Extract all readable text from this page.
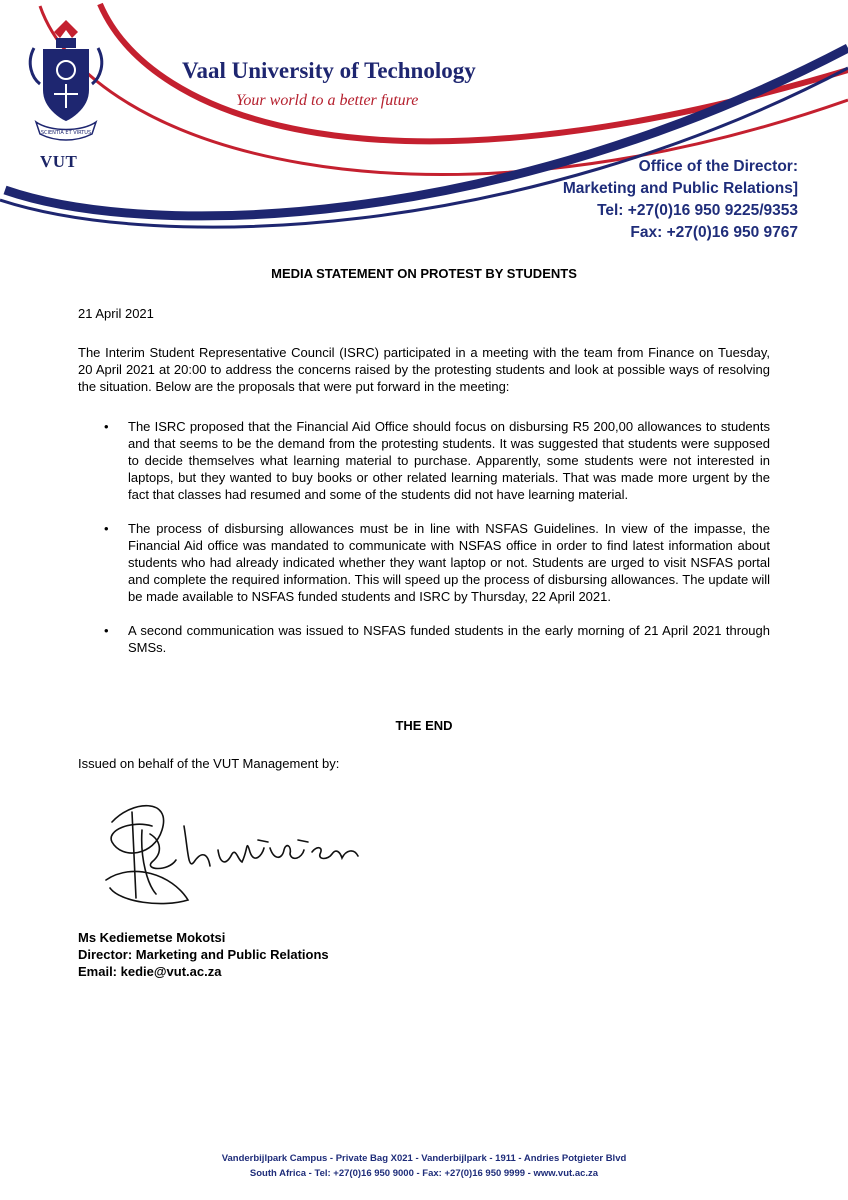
SCIENTIA ET VIRTUS
VUT
Vaal University of Technology
Your world to a better future
Office of the Director:
Marketing and Public Relations]
Tel: +27(0)16 950 9225/9353
Fax: +27(0)16 950 9767
MEDIA STATEMENT ON PROTEST BY STUDENTS
21 April 2021
The Interim Student Representative Council (ISRC) participated in a meeting with the team from Finance on Tuesday, 20 April 2021 at 20:00 to address the concerns raised by the protesting students and look at possible ways of resolving the situation. Below are the proposals that were put forward in the meeting:
• The ISRC proposed that the Financial Aid Office should focus on disbursing R5 200,00 allowances to students and that seems to be the demand from the protesting students. It was suggested that students were supposed to decide themselves what learning material to purchase. Apparently, some students were not interested in laptops, but they wanted to buy books or other related learning materials. That was made more urgent by the fact that classes had resumed and some of the students did not have learning material.
• The process of disbursing allowances must be in line with NSFAS Guidelines. In view of the impasse, the Financial Aid office was mandated to communicate with NSFAS office in order to find latest information about students who had already indicated whether they want laptop or not. Students are urged to visit NSFAS portal and complete the required information. This will speed up the process of disbursing allowances. The update will be made available to NSFAS funded students and ISRC by Thursday, 22 April 2021.
• A second communication was issued to NSFAS funded students in the early morning of 21 April 2021 through SMSs.
THE END
Issued on behalf of the VUT Management by:
Ms Kediemetse Mokotsi
Director: Marketing and Public Relations
Email: kedie@vut.ac.za
Vanderbijlpark Campus - Private Bag X021 - Vanderbijlpark - 1911 - Andries Potgieter Blvd
South Africa - Tel: +27(0)16 950 9000 - Fax: +27(0)16 950 9999 - www.vut.ac.za
